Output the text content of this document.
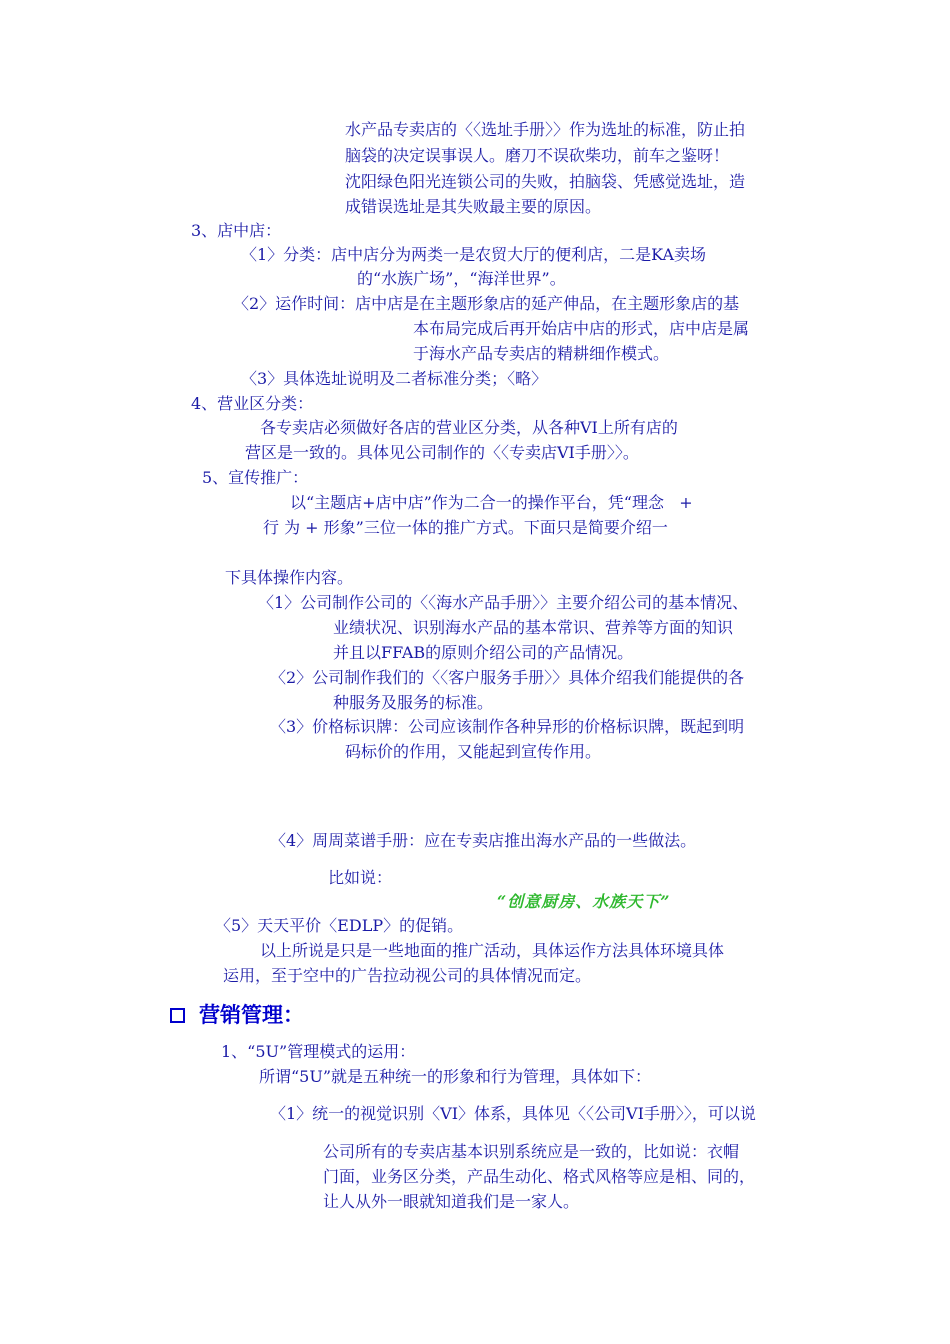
水产品专卖店的〈〈选址手册〉〉作为选址的标准，防止拍

脑袋的决定误事误人。磨刀不误砍柴功，前车之鉴呀！

沈阳绿色阳光连锁公司的失败，拍脑袋、凭感觉选址，造

成错误选址是其失败最主要的原因。

3、店中店：

〈1〉分类：店中店分为两类一是农贸大厅的便利店，二是KA卖场

的“水族广场”，“海洋世界”。

〈2〉运作时间：店中店是在主题形象店的延产伸品，在主题形象店的基

本布局完成后再开始店中店的形式，店中店是属

于海水产品专卖店的精耕细作模式。

〈3〉具体选址说明及二者标准分类；〈略〉

4、营业区分类：

各专卖店必须做好各店的营业区分类，从各种VI上所有店的

营区是一致的。具体见公司制作的〈〈专卖店VI手册〉〉。

5、宣传推广：

以“主题店+店中店”作为二合一的操作平台，凭“理念   +

行 为 + 形象”三位一体的推广方式。下面只是简要介绍一

下具体操作内容。

〈1〉公司制作公司的〈〈海水产品手册〉〉主要介绍公司的基本情况、

业绩状况、识别海水产品的基本常识、营养等方面的知识

并且以FFAB的原则介绍公司的产品情况。

〈2〉公司制作我们的〈〈客户服务手册〉〉具体介绍我们能提供的各

种服务及服务的标准。

〈3〉价格标识牌：公司应该制作各种异形的价格标识牌，既起到明

码标价的作用，又能起到宣传作用。

〈4〉周周菜谱手册：应在专卖店推出海水产品的一些做法。

比如说：

“创意厨房、水族天下”

〈5〉天天平价〈EDLP〉的促销。

以上所说是只是一些地面的推广活动，具体运作方法具体环境具体

运用，至于空中的广告拉动视公司的具体情况而定。

营销管理：

1、“5U”管理模式的运用：

所谓“5U”就是五种统一的形象和行为管理，具体如下：

〈1〉统一的视觉识别〈VI〉体系，具体见〈〈公司VI手册〉〉，可以说

公司所有的专卖店基本识别系统应是一致的，比如说：衣帽

门面，业务区分类，产品生动化、格式风格等应是相、同的，

让人从外一眼就知道我们是一家人。
